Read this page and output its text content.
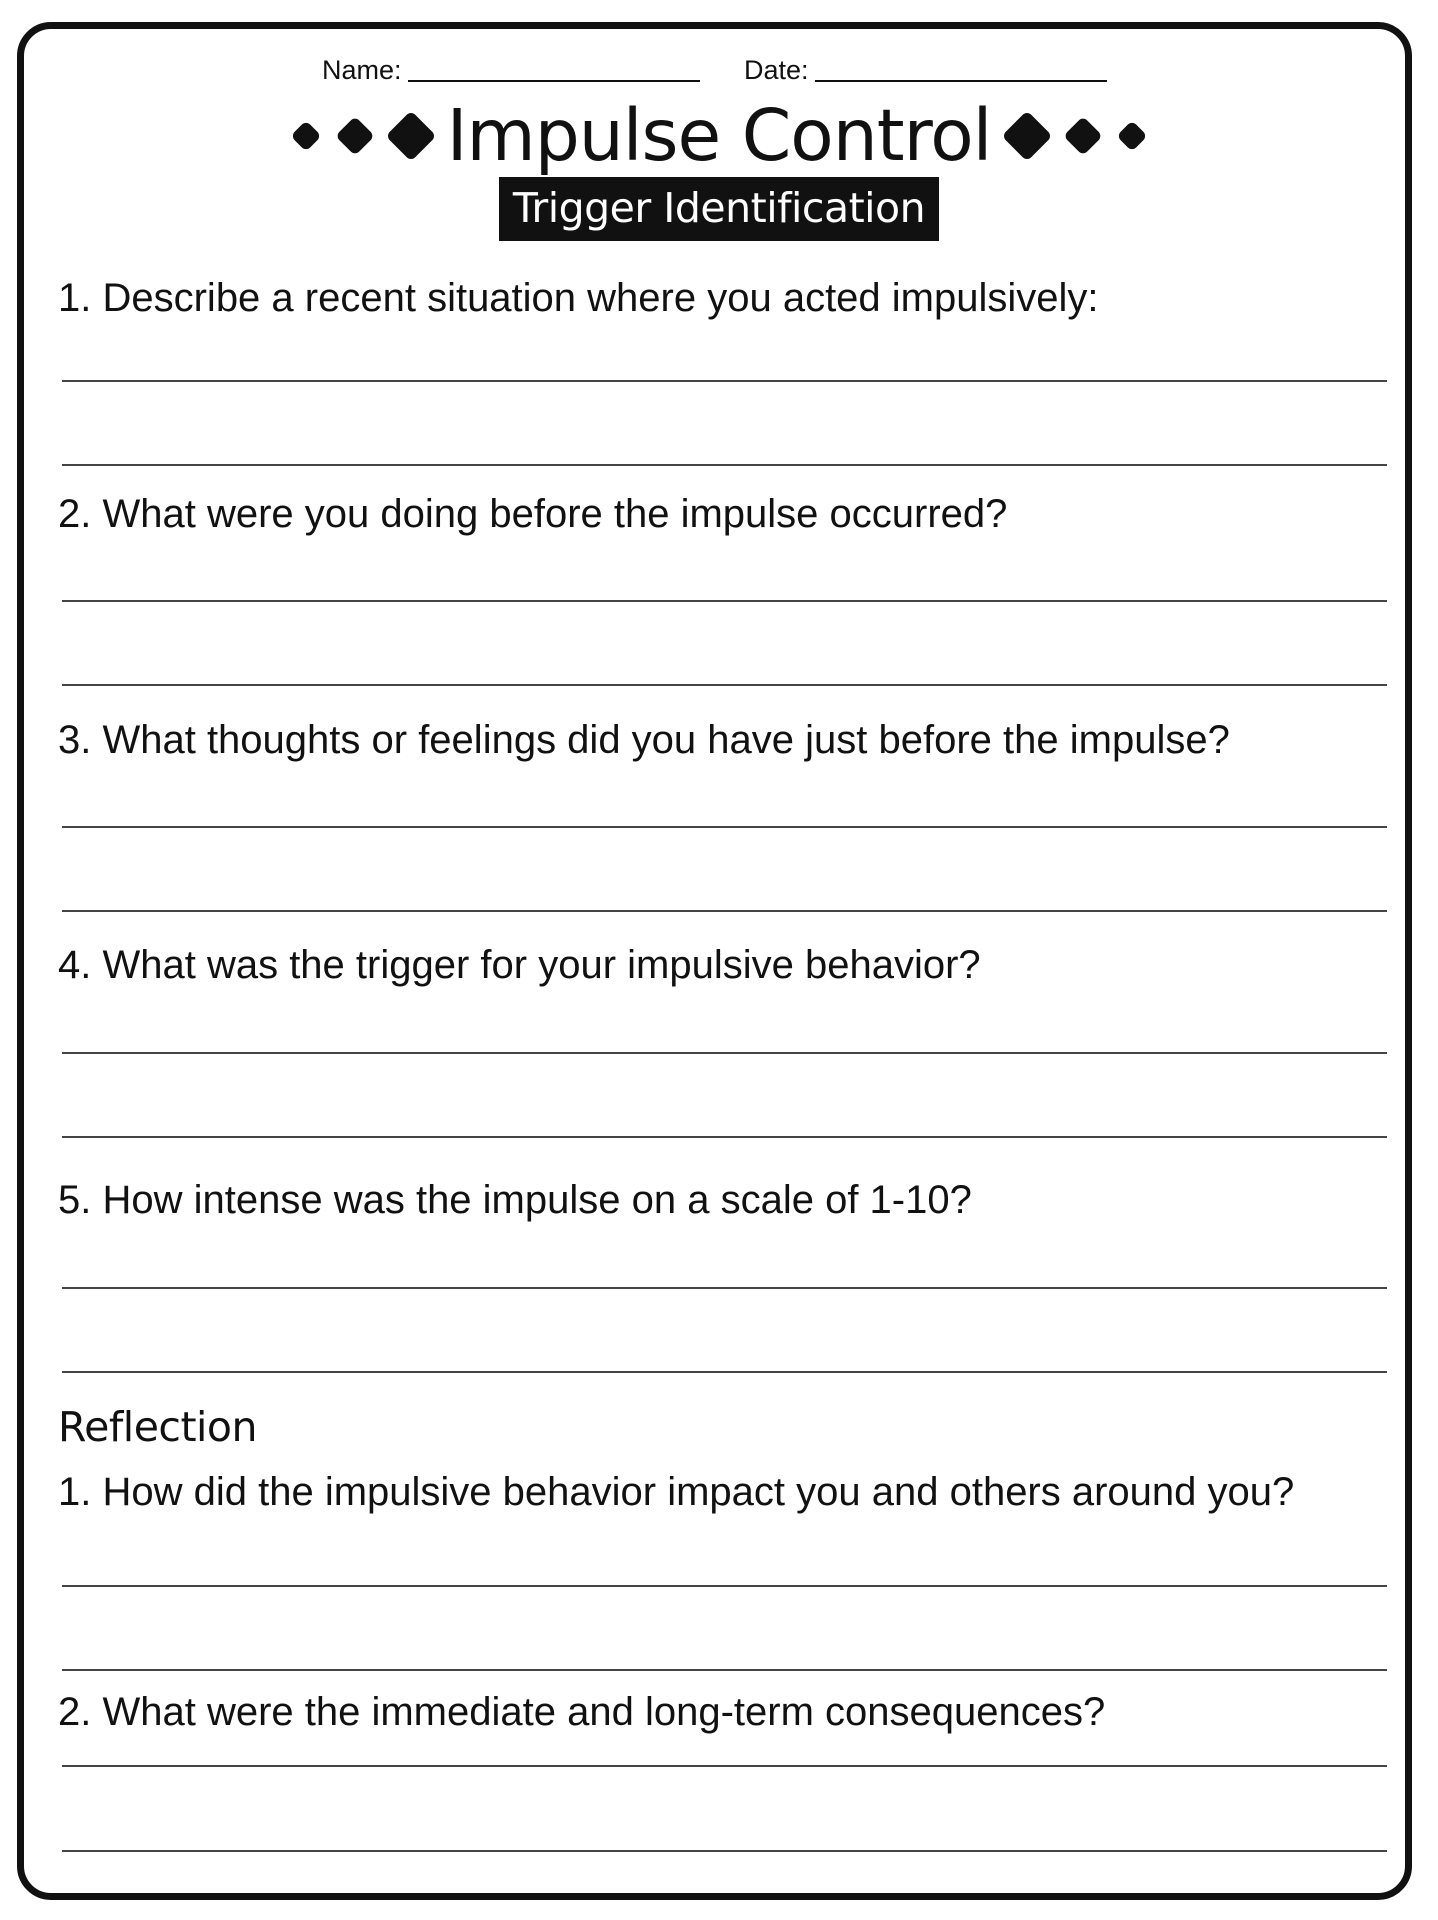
Name:	Date:
Impulse Control
Trigger Identification
1. Describe a recent situation where you acted impulsively:
2. What were you doing before the impulse occurred?
3. What thoughts or feelings did you have just before the impulse?
4. What was the trigger for your impulsive behavior?
5. How intense was the impulse on a scale of 1-10?
Reflection
1. How did the impulsive behavior impact you and others around you?
2. What were the immediate and long-term consequences?
